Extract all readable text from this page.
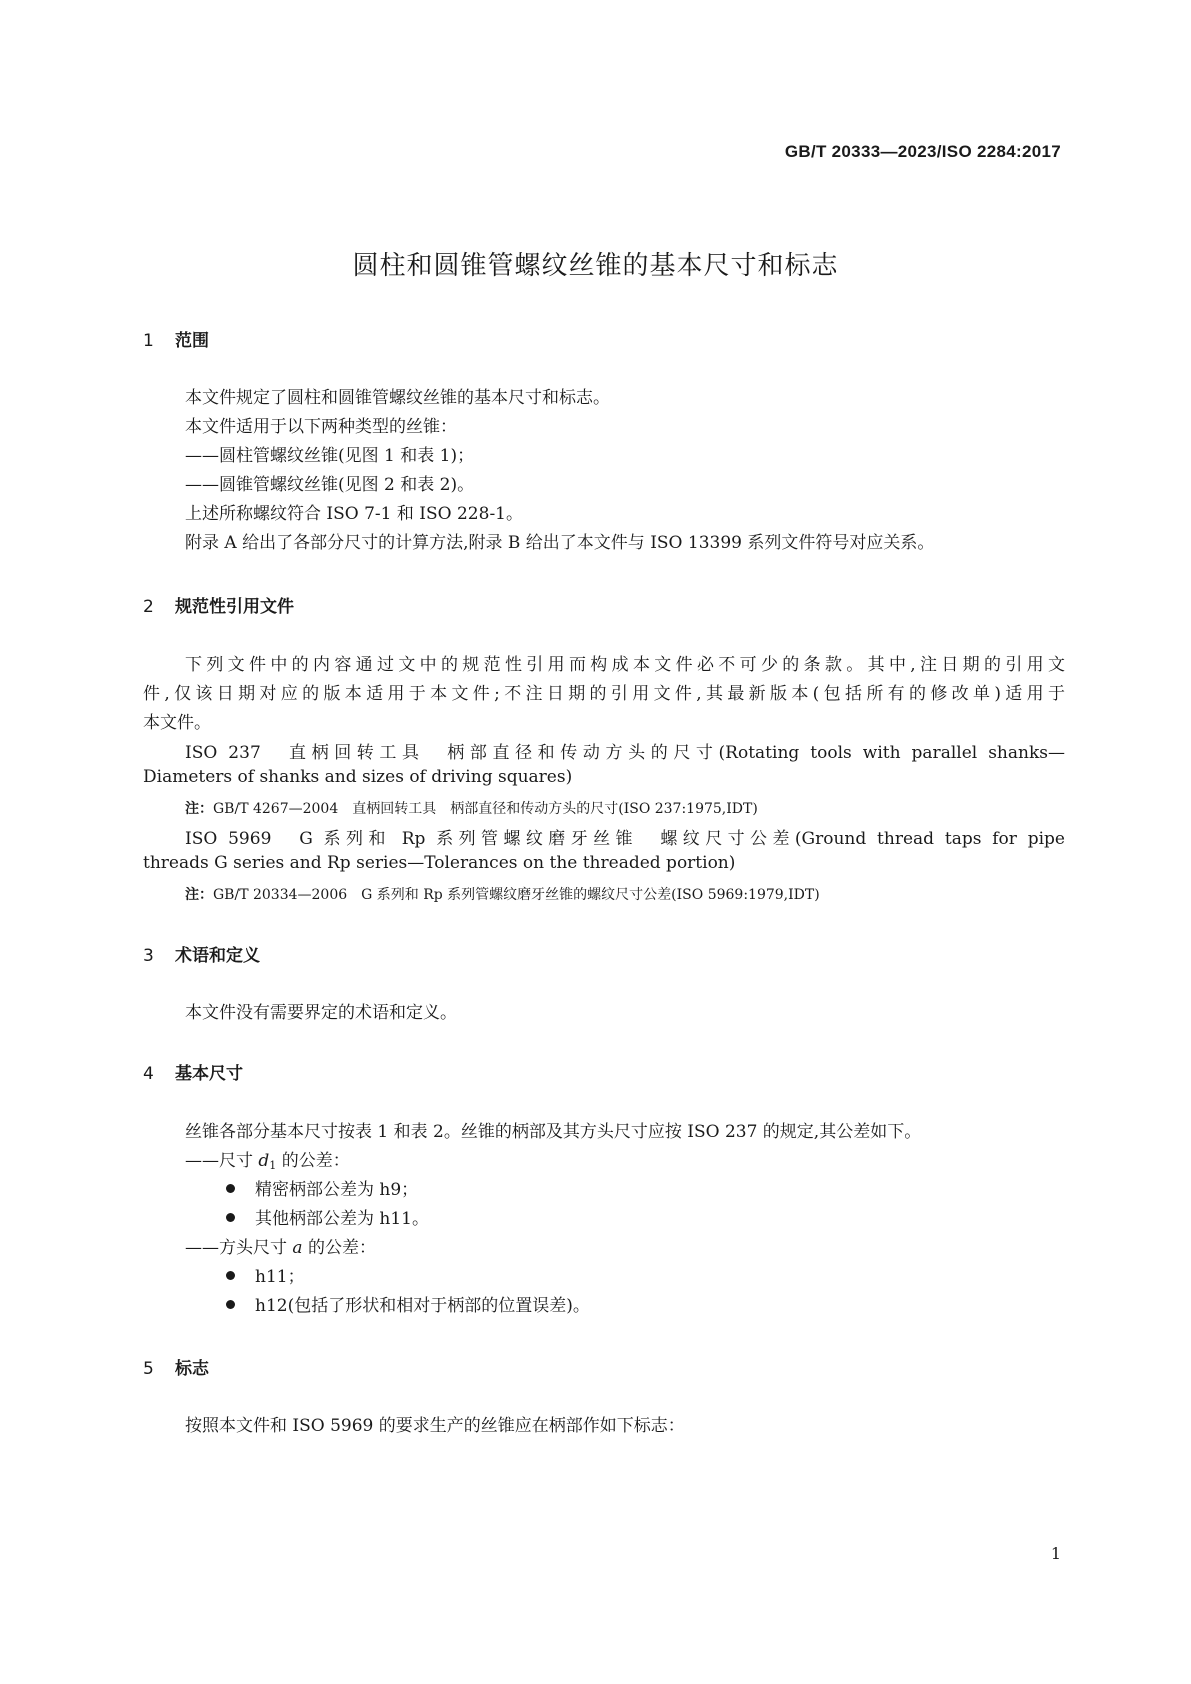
GB/T 20333—2023/ISO 2284:2017
圆柱和圆锥管螺纹丝锥的基本尺寸和标志
1 范围
本文件规定了圆柱和圆锥管螺纹丝锥的基本尺寸和标志。
本文件适用于以下两种类型的丝锥：
——圆柱管螺纹丝锥(见图 1 和表 1)；
——圆锥管螺纹丝锥(见图 2 和表 2)。
上述所称螺纹符合 ISO 7-1 和 ISO 228-1。
附录 A 给出了各部分尺寸的计算方法,附录 B 给出了本文件与 ISO 13399 系列文件符号对应关系。
2 规范性引用文件
下列文件中的内容通过文中的规范性引用而构成本文件必不可少的条款。其中,注日期的引用文
件,仅该日期对应的版本适用于本文件;不注日期的引用文件,其最新版本(包括所有的修改单)适用于
本文件。
ISO 237　直柄回转工具　柄部直径和传动方头的尺寸(Rotating tools with parallel shanks—
Diameters of shanks and sizes of driving squares)
注：GB/T 4267—2004　直柄回转工具　柄部直径和传动方头的尺寸(ISO 237:1975,IDT)
ISO 5969　G 系列和 Rp 系列管螺纹磨牙丝锥　螺纹尺寸公差(Ground thread taps for pipe
threads G series and Rp series—Tolerances on the threaded portion)
注：GB/T 20334—2006　G 系列和 Rp 系列管螺纹磨牙丝锥的螺纹尺寸公差(ISO 5969:1979,IDT)
3 术语和定义
本文件没有需要界定的术语和定义。
4 基本尺寸
丝锥各部分基本尺寸按表 1 和表 2。丝锥的柄部及其方头尺寸应按 ISO 237 的规定,其公差如下。
——尺寸 $d_1$ 的公差：
精密柄部公差为 h9；
其他柄部公差为 h11。
——方头尺寸 a 的公差：
h11；
h12(包括了形状和相对于柄部的位置误差)。
5 标志
按照本文件和 ISO 5969 的要求生产的丝锥应在柄部作如下标志：
1
